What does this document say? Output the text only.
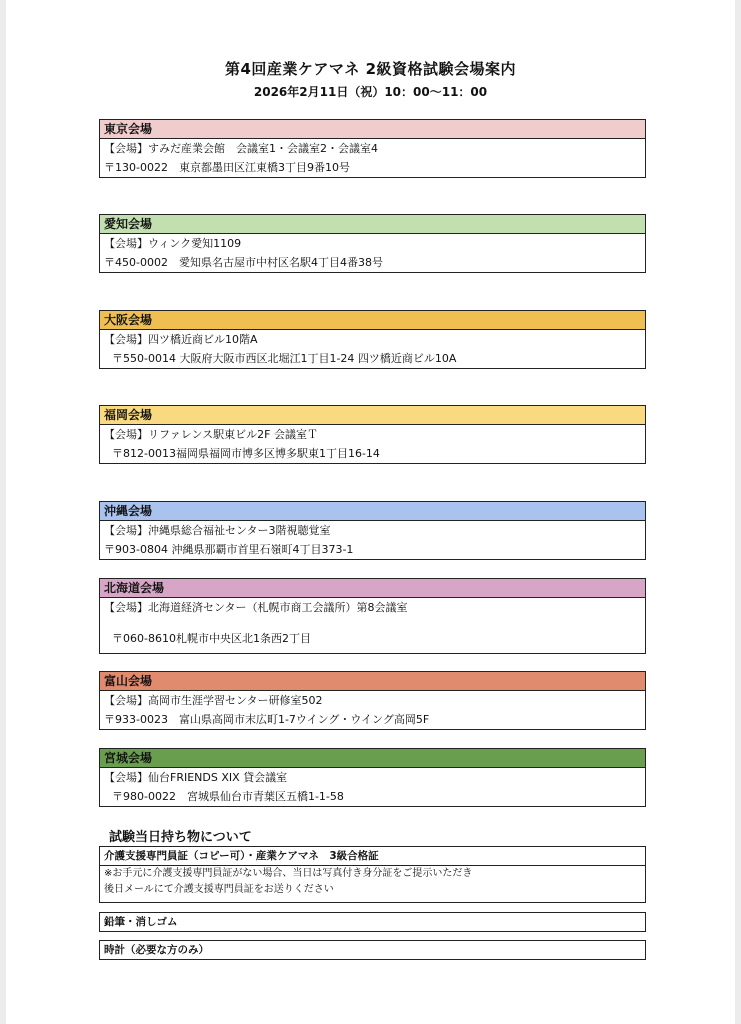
第4回産業ケアマネ 2級資格試験会場案内
2026年2月11日（祝）10：00〜11：00
東京会場
【会場】すみだ産業会館　会議室1・会議室2・会議室4
〒130-0022　東京都墨田区江東橋3丁目9番10号
愛知会場
【会場】ウィンク愛知1109
〒450-0002　愛知県名古屋市中村区名駅4丁目4番38号
大阪会場
【会場】四ツ橋近商ビル10階A
〒550-0014 大阪府大阪市西区北堀江1丁目1-24 四ツ橋近商ビル10A
福岡会場
【会場】リファレンス駅東ビル2F 会議室Ｔ
〒812-0013福岡県福岡市博多区博多駅東1丁目16-14
沖縄会場
【会場】沖縄県総合福祉センター3階視聴覚室
〒903-0804 沖縄県那覇市首里石嶺町4丁目373-1
北海道会場
【会場】北海道経済センター（札幌市商工会議所）第8会議室
〒060-8610札幌市中央区北1条西2丁目
富山会場
【会場】高岡市生涯学習センター研修室502
〒933-0023　富山県高岡市末広町1-7ウイング・ウイング高岡5F
宮城会場
【会場】仙台FRIENDS XIX 貸会議室
〒980-0022　宮城県仙台市青葉区五橋1-1-58
試験当日持ち物について
介護支援専門員証（コピー可）・産業ケアマネ　3級合格証
※お手元に介護支援専門員証がない場合、当日は写真付き身分証をご提示いただき
後日メールにて介護支援専門員証をお送りください
鉛筆・消しゴム
時計（必要な方のみ）
